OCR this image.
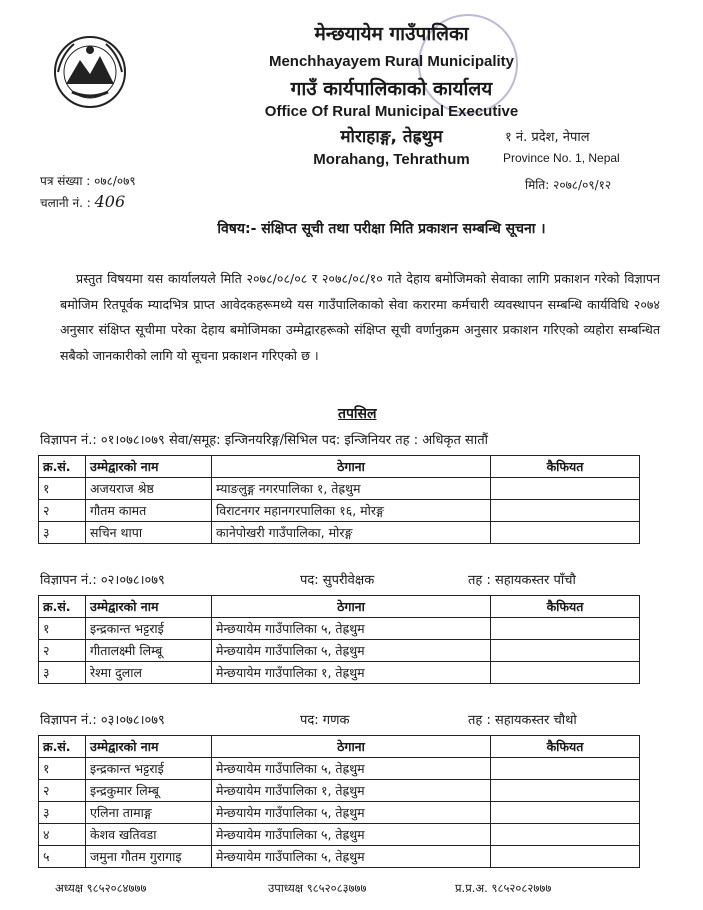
मेन्छयायेम गाउँपालिका
Menchhayayem Rural Municipality
गाउँ कार्यपालिकाको कार्यालय
Office Of Rural Municipal Executive
मोराहाङ्ग, तेह्रथुम
Morahang, Tehrathum
१ नं. प्रदेश, नेपाल
Province No. 1, Nepal
मिति: २०७८/०९/१२
पत्र संख्या : ०७८/०७९
चलानी नं. : 406
विषय:- संक्षिप्त सूची तथा परीक्षा मिति प्रकाशन सम्बन्धि सूचना ।
प्रस्तुत विषयमा यस कार्यालयले मिति २०७८/०८/०८ र २०७८/०८/१० गते देहाय बमोजिमको सेवाका लागि प्रकाशन गरेको विज्ञापन बमोजिम रितपूर्वक म्यादभित्र प्राप्त आवेदकहरूमध्ये यस गाउँपालिकाको सेवा करारमा कर्मचारी व्यवस्थापन सम्बन्धि कार्यविधि २०७४ अनुसार संक्षिप्त सूचीमा परेका देहाय बमोजिमका उम्मेद्वारहरूको संक्षिप्त सूची वर्णानुक्रम अनुसार प्रकाशन गरिएको व्यहोरा सम्बन्धित सबैको जानकारीको लागि यो सूचना प्रकाशन गरिएको छ ।
तपसिल
विज्ञापन नं.: ०१।०७८।०७९ सेवा/समूह: इन्जिनयरिङ्ग/सिभिल पद: इन्जिनियर तह : अधिकृत सातौं
क्र.सं.	उम्मेद्वारको नाम	ठेगाना	कैफियत
१	अजयराज श्रेष्ठ	म्याङलुङ्ग नगरपालिका १, तेह्रथुम	
२	गौतम कामत	विराटनगर महानगरपालिका १६, मोरङ्ग	
३	सचिन थापा	कानेपोखरी गाउँपालिका, मोरङ्ग	
विज्ञापन नं.: ०२।०७८।०७९	पद: सुपरीवेक्षक	तह : सहायकस्तर पाँचौ
क्र.सं.	उम्मेद्वारको नाम	ठेगाना	कैफियत
१	इन्द्रकान्त भट्टराई	मेन्छयायेम गाउँपालिका ५, तेह्रथुम	
२	गीतालक्ष्मी लिम्बू	मेन्छयायेम गाउँपालिका ५, तेह्रथुम	
३	रेश्मा दुलाल	मेन्छयायेम गाउँपालिका १, तेह्रथुम	
विज्ञापन नं.: ०३।०७८।०७९	पद: गणक	तह : सहायकस्तर चौथो
क्र.सं.	उम्मेद्वारको नाम	ठेगाना	कैफियत
१	इन्द्रकान्त भट्टराई	मेन्छयायेम गाउँपालिका ५, तेह्रथुम	
२	इन्द्रकुमार लिम्बू	मेन्छयायेम गाउँपालिका १, तेह्रथुम	
३	एलिना तामाङ्ग	मेन्छयायेम गाउँपालिका ५, तेह्रथुम	
४	केशव खतिवडा	मेन्छयायेम गाउँपालिका ५, तेह्रथुम	
५	जमुना गौतम गुरागाइ	मेन्छयायेम गाउँपालिका ५, तेह्रथुम	
अध्यक्ष ९८५२०८४७७७	उपाध्यक्ष ९८५२०८३७७७	प्र.प्र.अ. ९८५२०८२७७७
